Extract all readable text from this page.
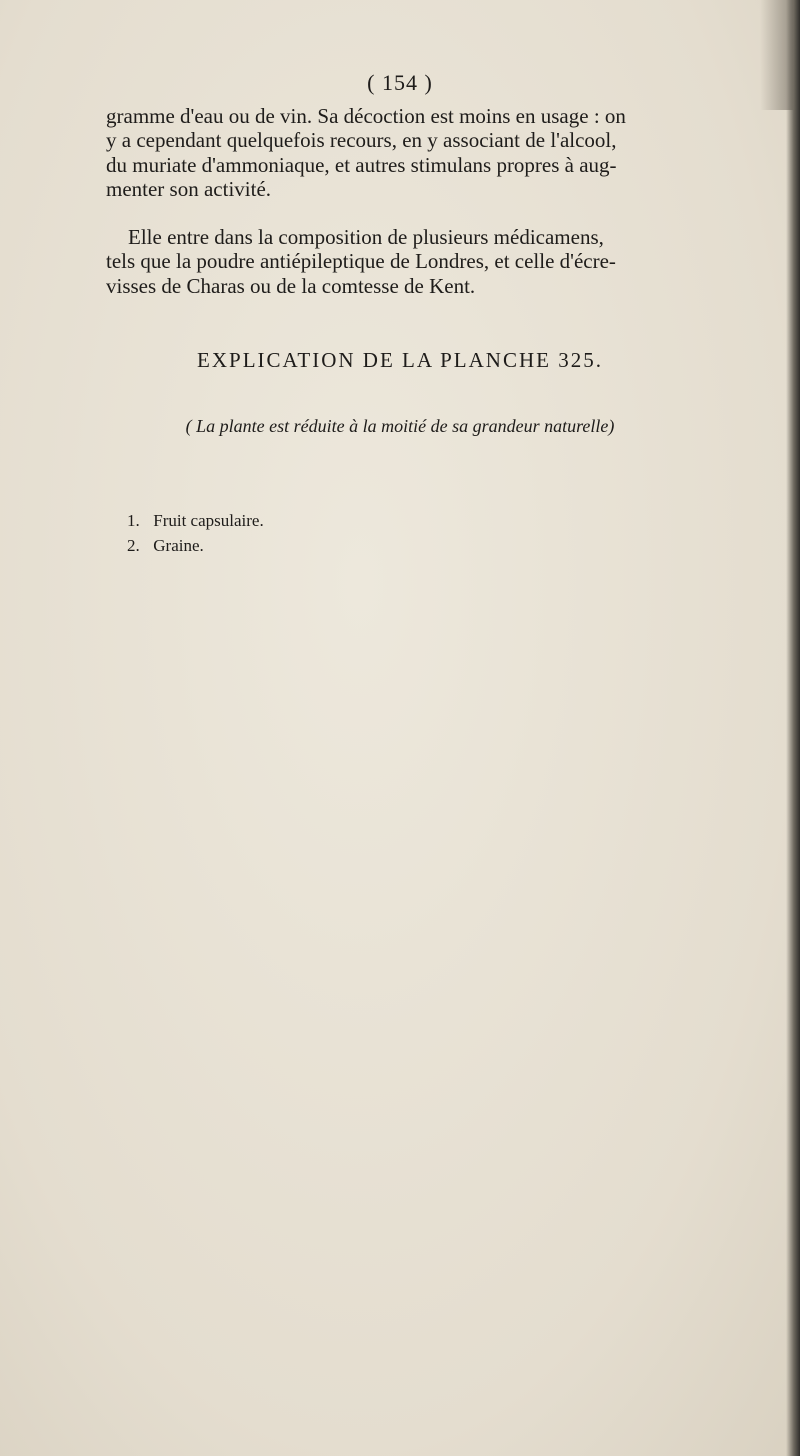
( 154 )
gramme d'eau ou de vin. Sa décoction est moins en usage : on
y a cependant quelquefois recours, en y associant de l'alcool,
du muriate d'ammoniaque, et autres stimulans propres à aug-
menter son activité.
Elle entre dans la composition de plusieurs médicamens,
tels que la poudre antiépileptique de Londres, et celle d'écre-
visses de Charas ou de la comtesse de Kent.
EXPLICATION DE LA PLANCHE 325.
( La plante est réduite à la moitié de sa grandeur naturelle)
1. Fruit capsulaire.
2. Graine.
